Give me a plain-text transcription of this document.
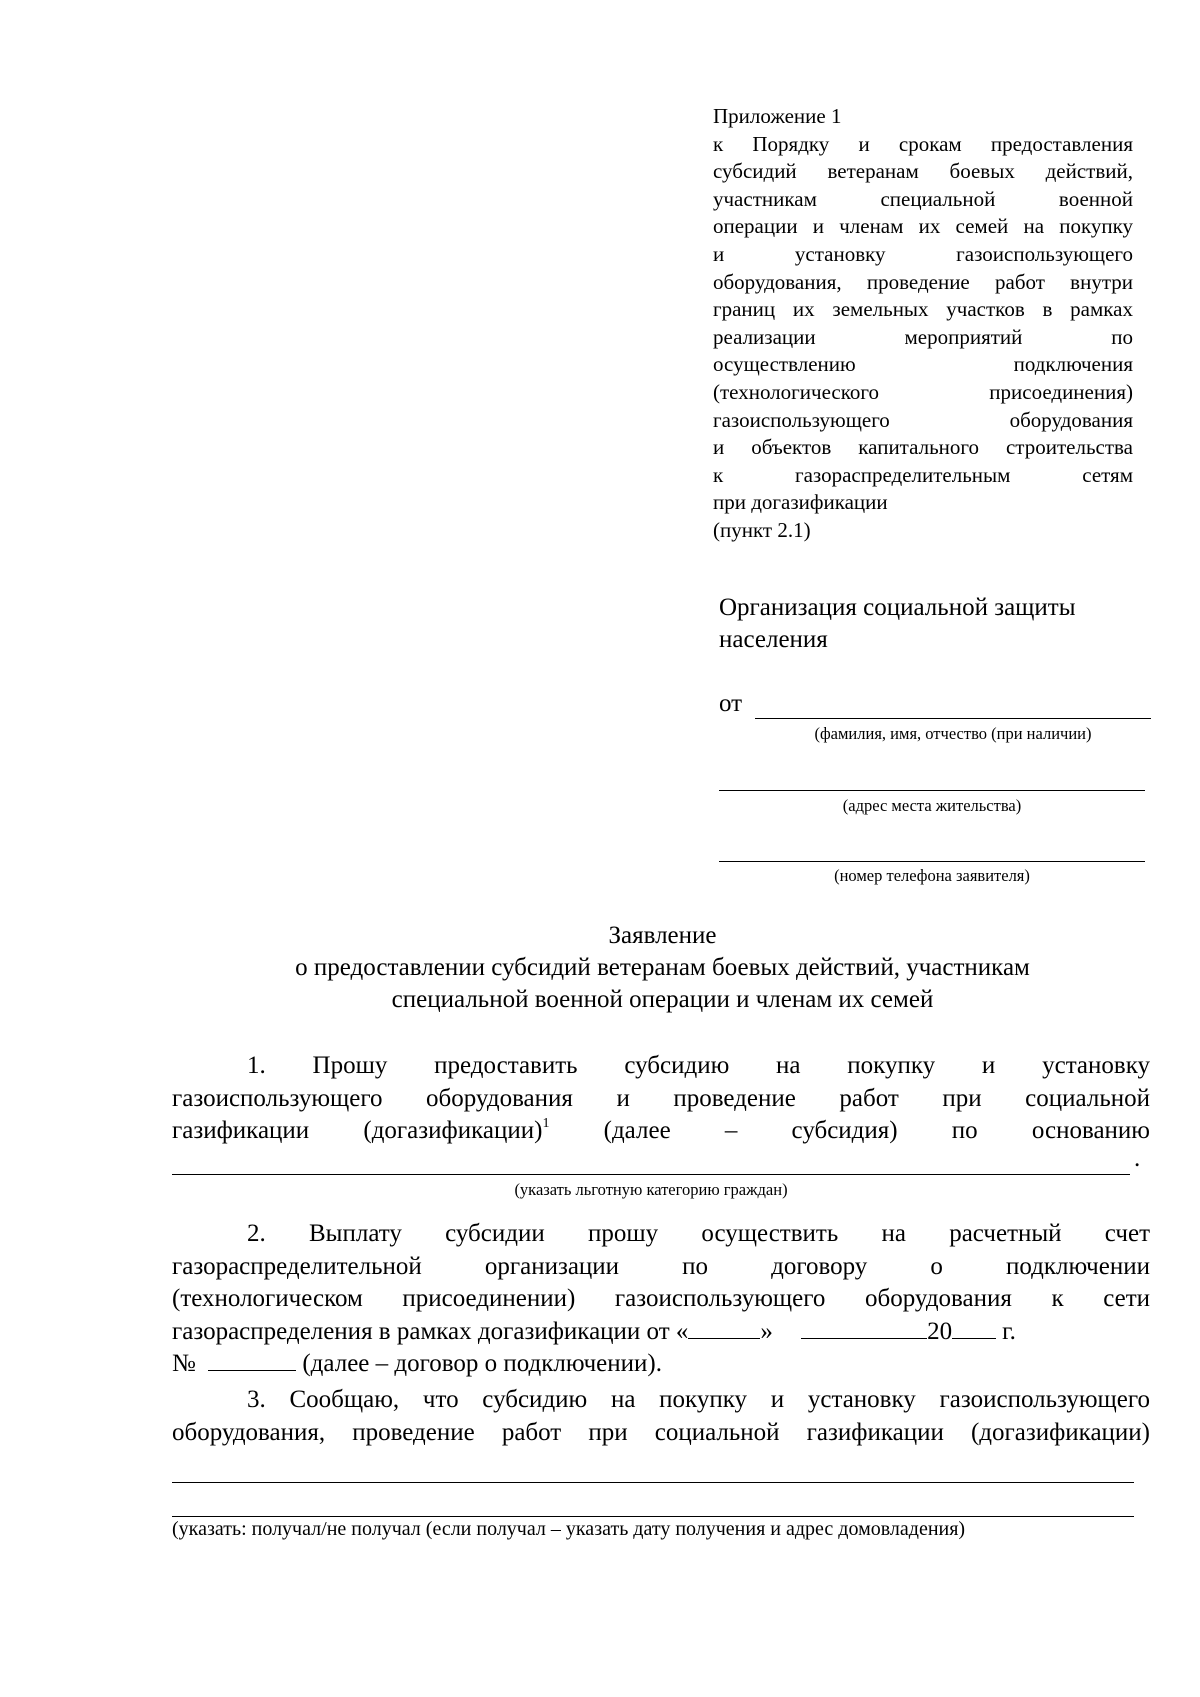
Приложение 1
к Порядку и срокам предоставления
субсидий ветеранам боевых действий,
участникам специальной военной
операции и членам их семей на покупку
и установку газоиспользующего
оборудования, проведение работ внутри
границ их земельных участков в рамках
реализации мероприятий по
осуществлению подключения
(технологического присоединения)
газоиспользующего оборудования
и объектов капитального строительства
к газораспределительным сетям
при догазификации
(пункт 2.1)
Организация социальной защиты
населения
от
(фамилия, имя, отчество (при наличии)
(адрес места жительства)
(номер телефона заявителя)
Заявление
о предоставлении субсидий ветеранам боевых действий, участникам
специальной военной операции и членам их семей
1. Прошу предоставить субсидию на покупку и установку
газоиспользующего оборудования и проведение работ при социальной
газификации (догазификации)$^1$ (далее – субсидия) по основанию
.
(указать льготную категорию граждан)
2. Выплату субсидии прошу осуществить на расчетный счет
газораспределительной организации по договору о подключении
(технологическом присоединении) газоиспользующего оборудования к сети
газораспределения в рамках догазификации от «	»	20 г.
№	(далее – договор о подключении).
3. Сообщаю, что субсидию на покупку и установку газоиспользующего
оборудования, проведение работ при социальной газификации (догазификации)
(указать: получал/не получал (если получал – указать дату получения и адрес домовладения)
